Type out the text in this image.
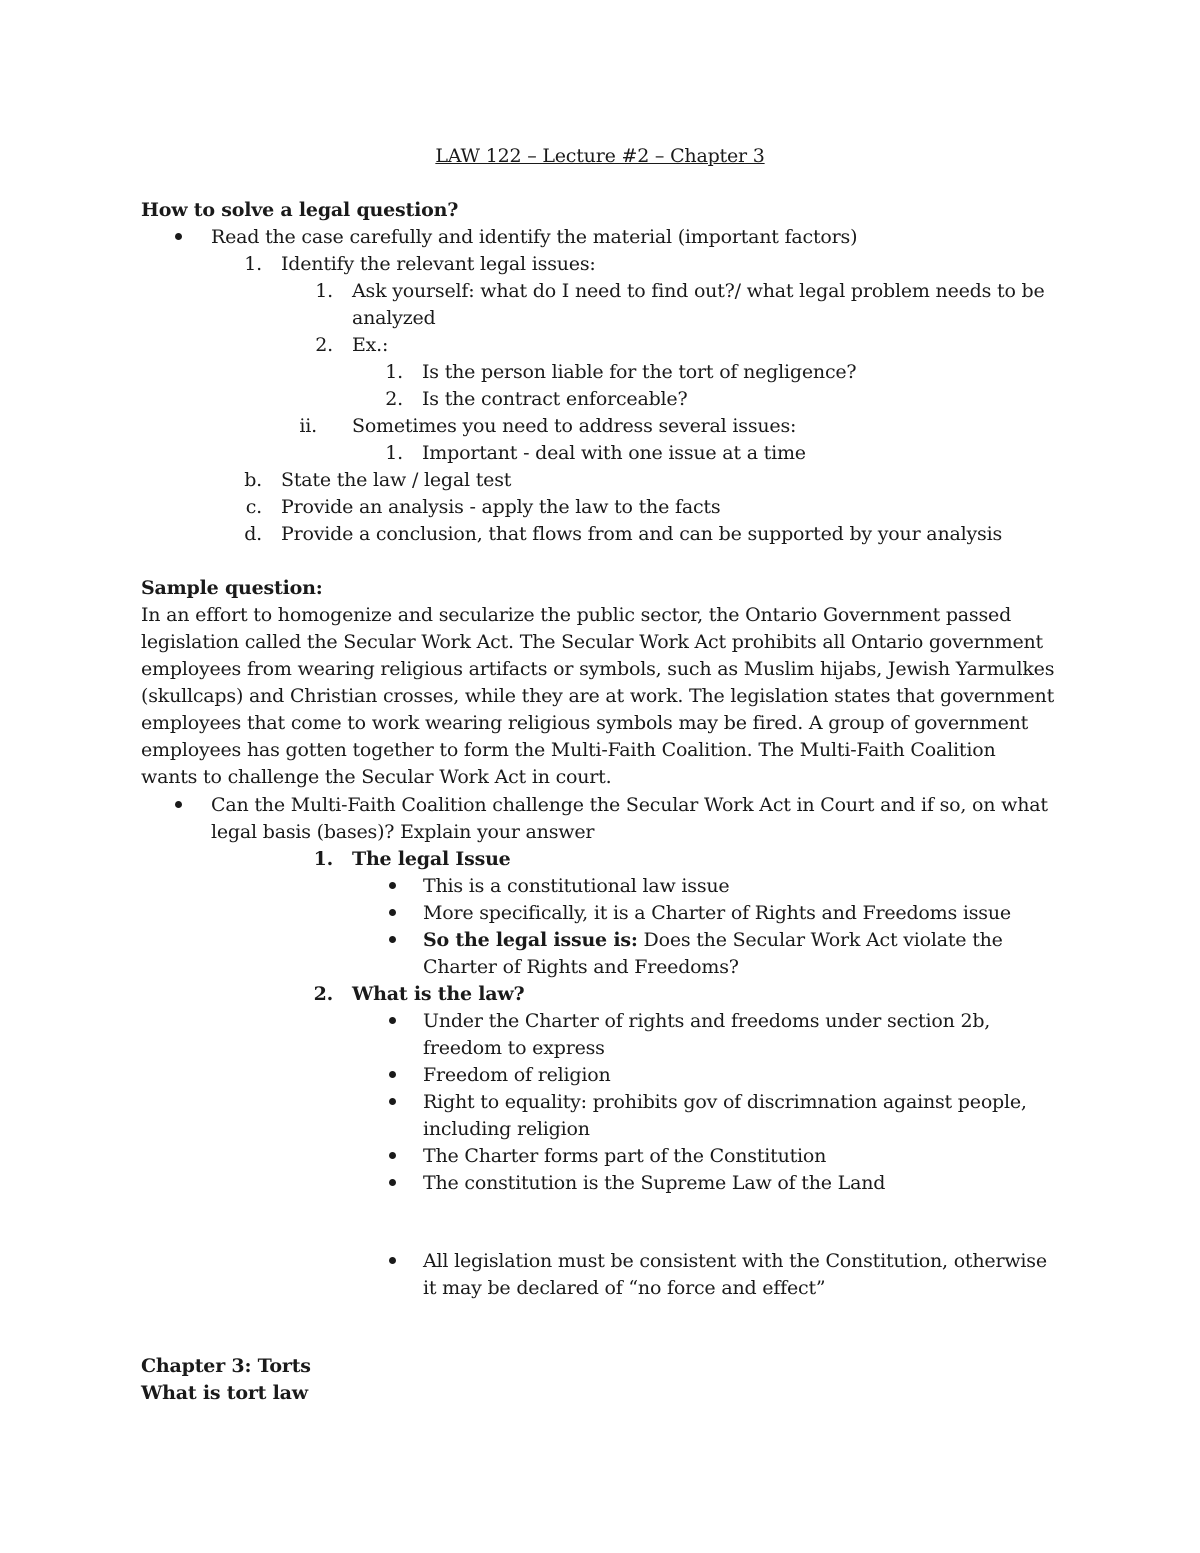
LAW 122 – Lecture #2 – Chapter 3
How to solve a legal question?
Read the case carefully and identify the material (important factors)
1. Identify the relevant legal issues:
1. Ask yourself: what do I need to find out?/ what legal problem needs to be
analyzed
2. Ex.:
1. Is the person liable for the tort of negligence?
2. Is the contract enforceable?
ii. Sometimes you need to address several issues:
1. Important - deal with one issue at a time
b. State the law / legal test
c. Provide an analysis - apply the law to the facts
d. Provide a conclusion, that flows from and can be supported by your analysis
Sample question:
In an effort to homogenize and secularize the public sector, the Ontario Government passed
legislation called the Secular Work Act. The Secular Work Act prohibits all Ontario government
employees from wearing religious artifacts or symbols, such as Muslim hijabs, Jewish Yarmulkes
(skullcaps) and Christian crosses, while they are at work. The legislation states that government
employees that come to work wearing religious symbols may be fired. A group of government
employees has gotten together to form the Multi-Faith Coalition. The Multi-Faith Coalition
wants to challenge the Secular Work Act in court.
Can the Multi-Faith Coalition challenge the Secular Work Act in Court and if so, on what
legal basis (bases)? Explain your answer
1. The legal Issue
This is a constitutional law issue
More specifically, it is a Charter of Rights and Freedoms issue
So the legal issue is: Does the Secular Work Act violate the
Charter of Rights and Freedoms?
2. What is the law?
Under the Charter of rights and freedoms under section 2b,
freedom to express
Freedom of religion
Right to equality: prohibits gov of discrimnation against people,
including religion
The Charter forms part of the Constitution
The constitution is the Supreme Law of the Land
All legislation must be consistent with the Constitution, otherwise
it may be declared of “no force and effect”
Chapter 3: Torts
What is tort law
